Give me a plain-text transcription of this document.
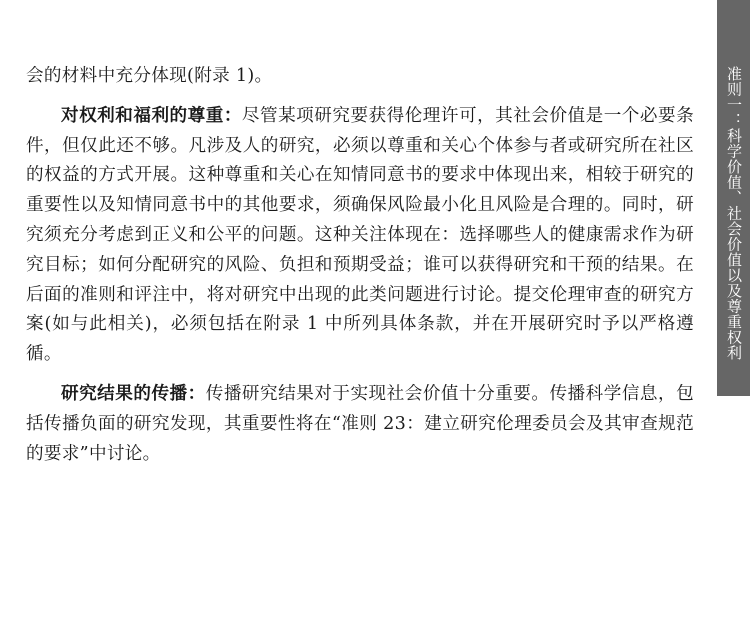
会的材料中充分体现(附录 1)。

对权利和福利的尊重：尽管某项研究要获得伦理许可，其社会价值是一个必要条件，但仅此还不够。凡涉及人的研究，必须以尊重和关心个体参与者或研究所在社区的权益的方式开展。这种尊重和关心在知情同意书的要求中体现出来，相较于研究的重要性以及知情同意书中的其他要求，须确保风险最小化且风险是合理的。同时，研究须充分考虑到正义和公平的问题。这种关注体现在：选择哪些人的健康需求作为研究目标；如何分配研究的风险、负担和预期受益；谁可以获得研究和干预的结果。在后面的准则和评注中，将对研究中出现的此类问题进行讨论。提交伦理审查的研究方案(如与此相关)，必须包括在附录 1 中所列具体条款，并在开展研究时予以严格遵循。

研究结果的传播：传播研究结果对于实现社会价值十分重要。传播科学信息，包括传播负面的研究发现，其重要性将在“准则 23：建立研究伦理委员会及其审查规范的要求”中讨论。

准则一：科学价值、社会价值以及尊重权利
